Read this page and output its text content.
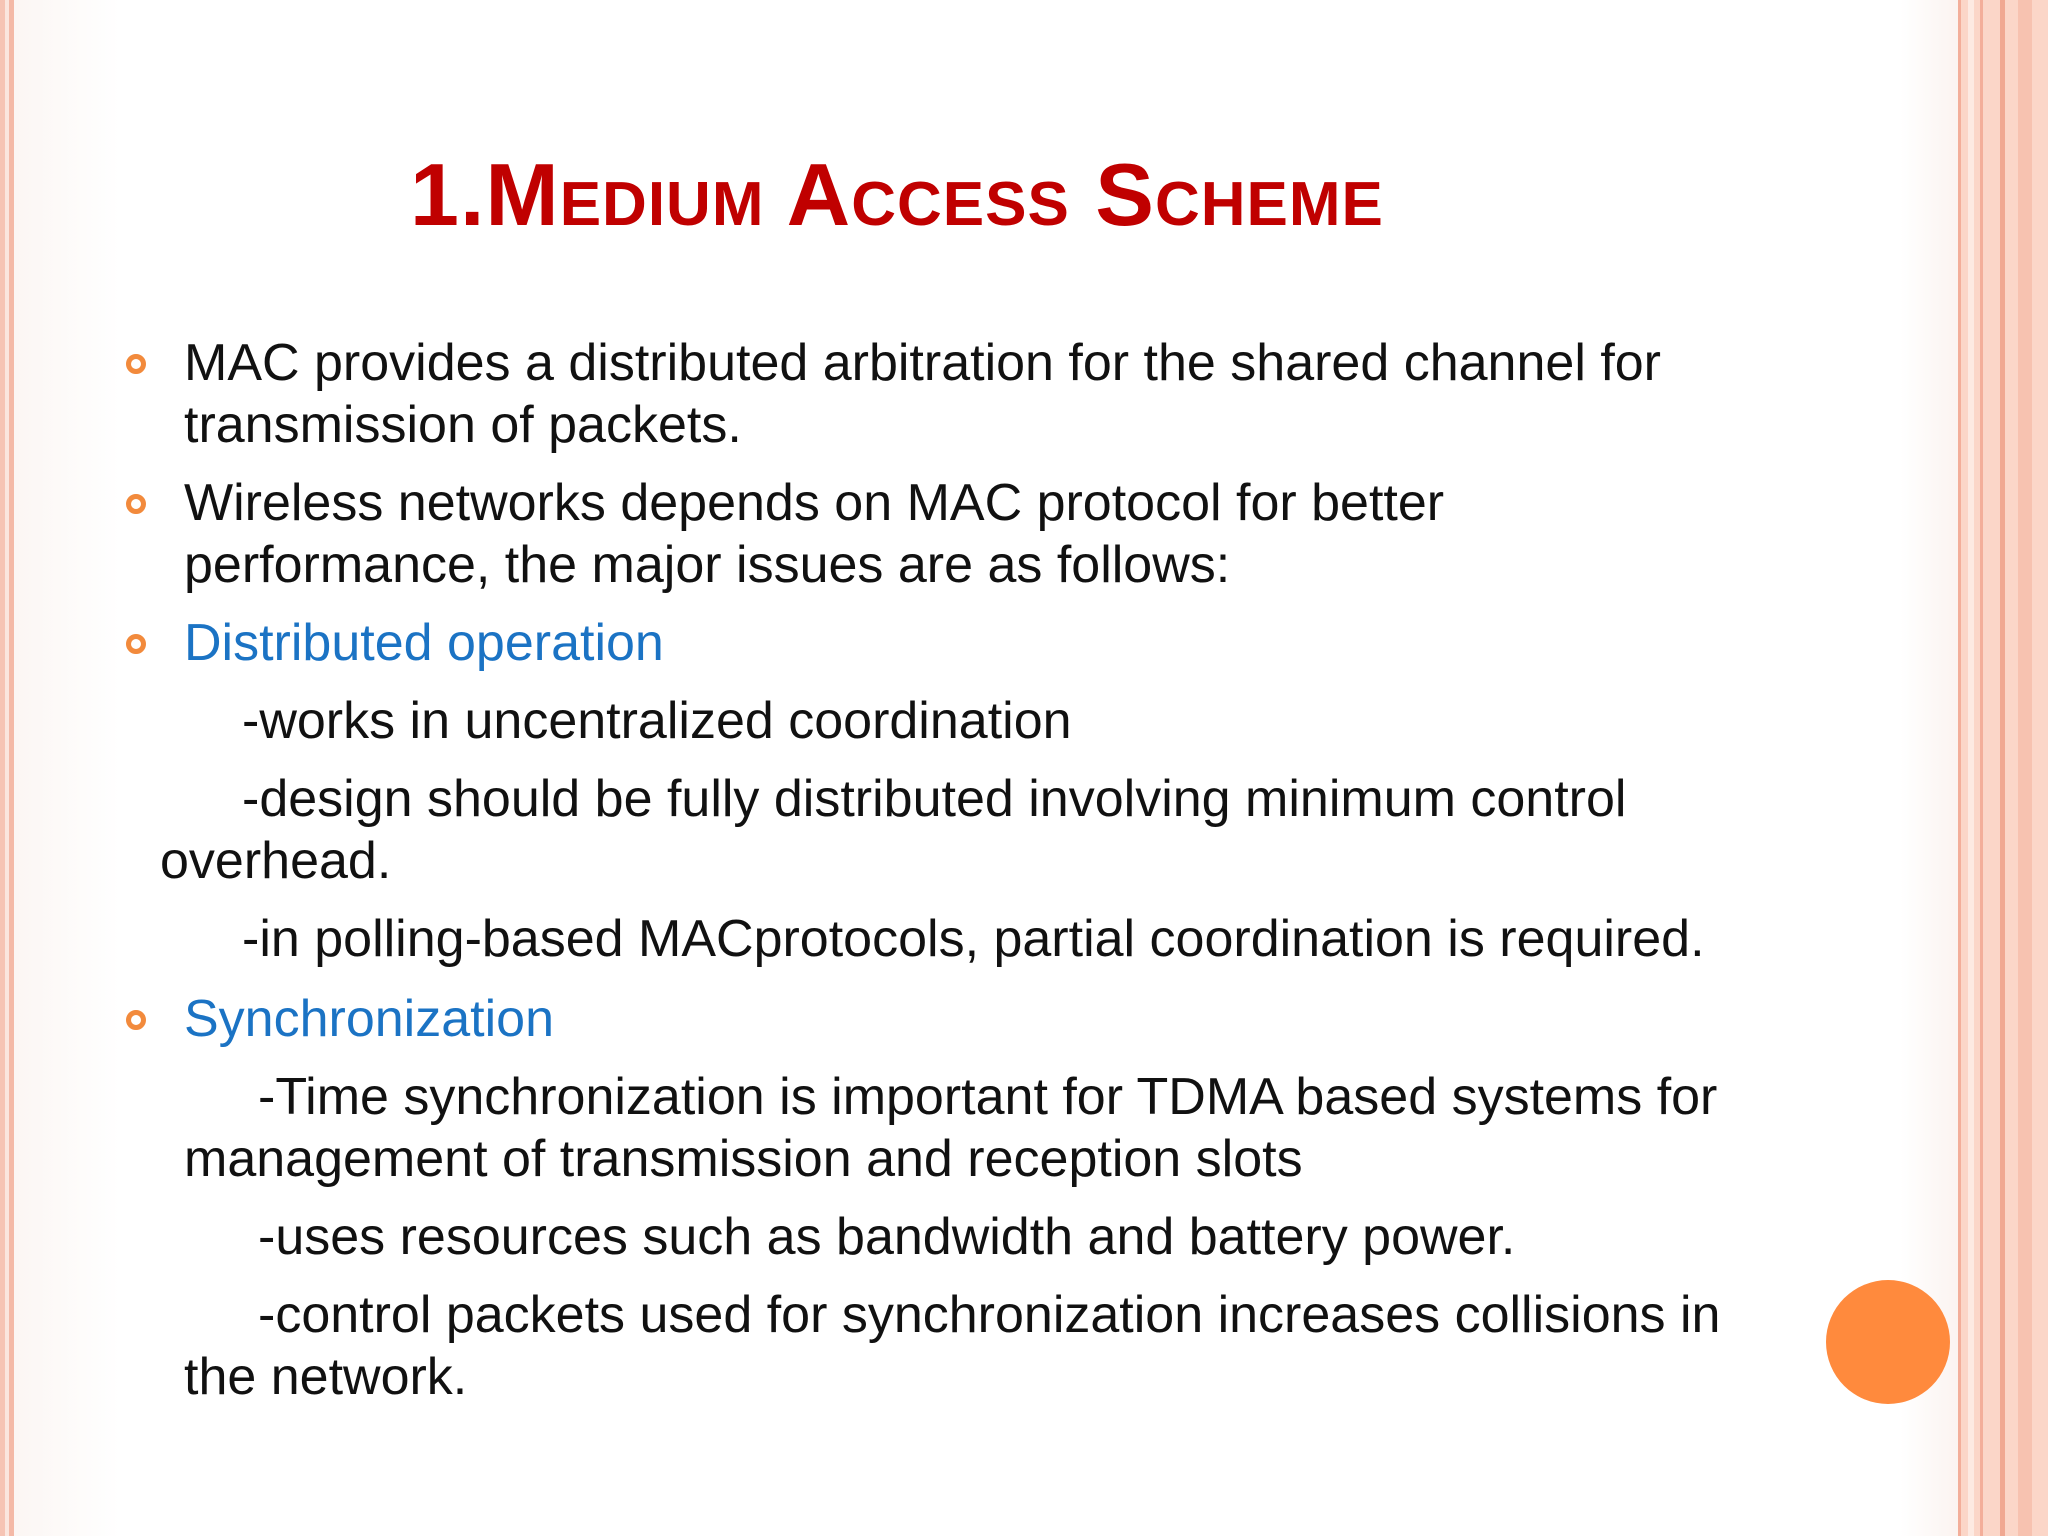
1.Medium Access Scheme
MAC provides a distributed arbitration for the shared channel for
transmission of packets.
Wireless networks depends on MAC protocol for better
performance, the major issues are as follows:
Distributed operation
-works in uncentralized coordination
-design should be fully distributed involving minimum control
overhead.
-in polling-based MACprotocols, partial coordination is required.
Synchronization
-Time synchronization is important for TDMA based systems for
management of transmission and reception slots
-uses resources such as bandwidth and battery power.
-control packets used for synchronization increases collisions in
the network.
